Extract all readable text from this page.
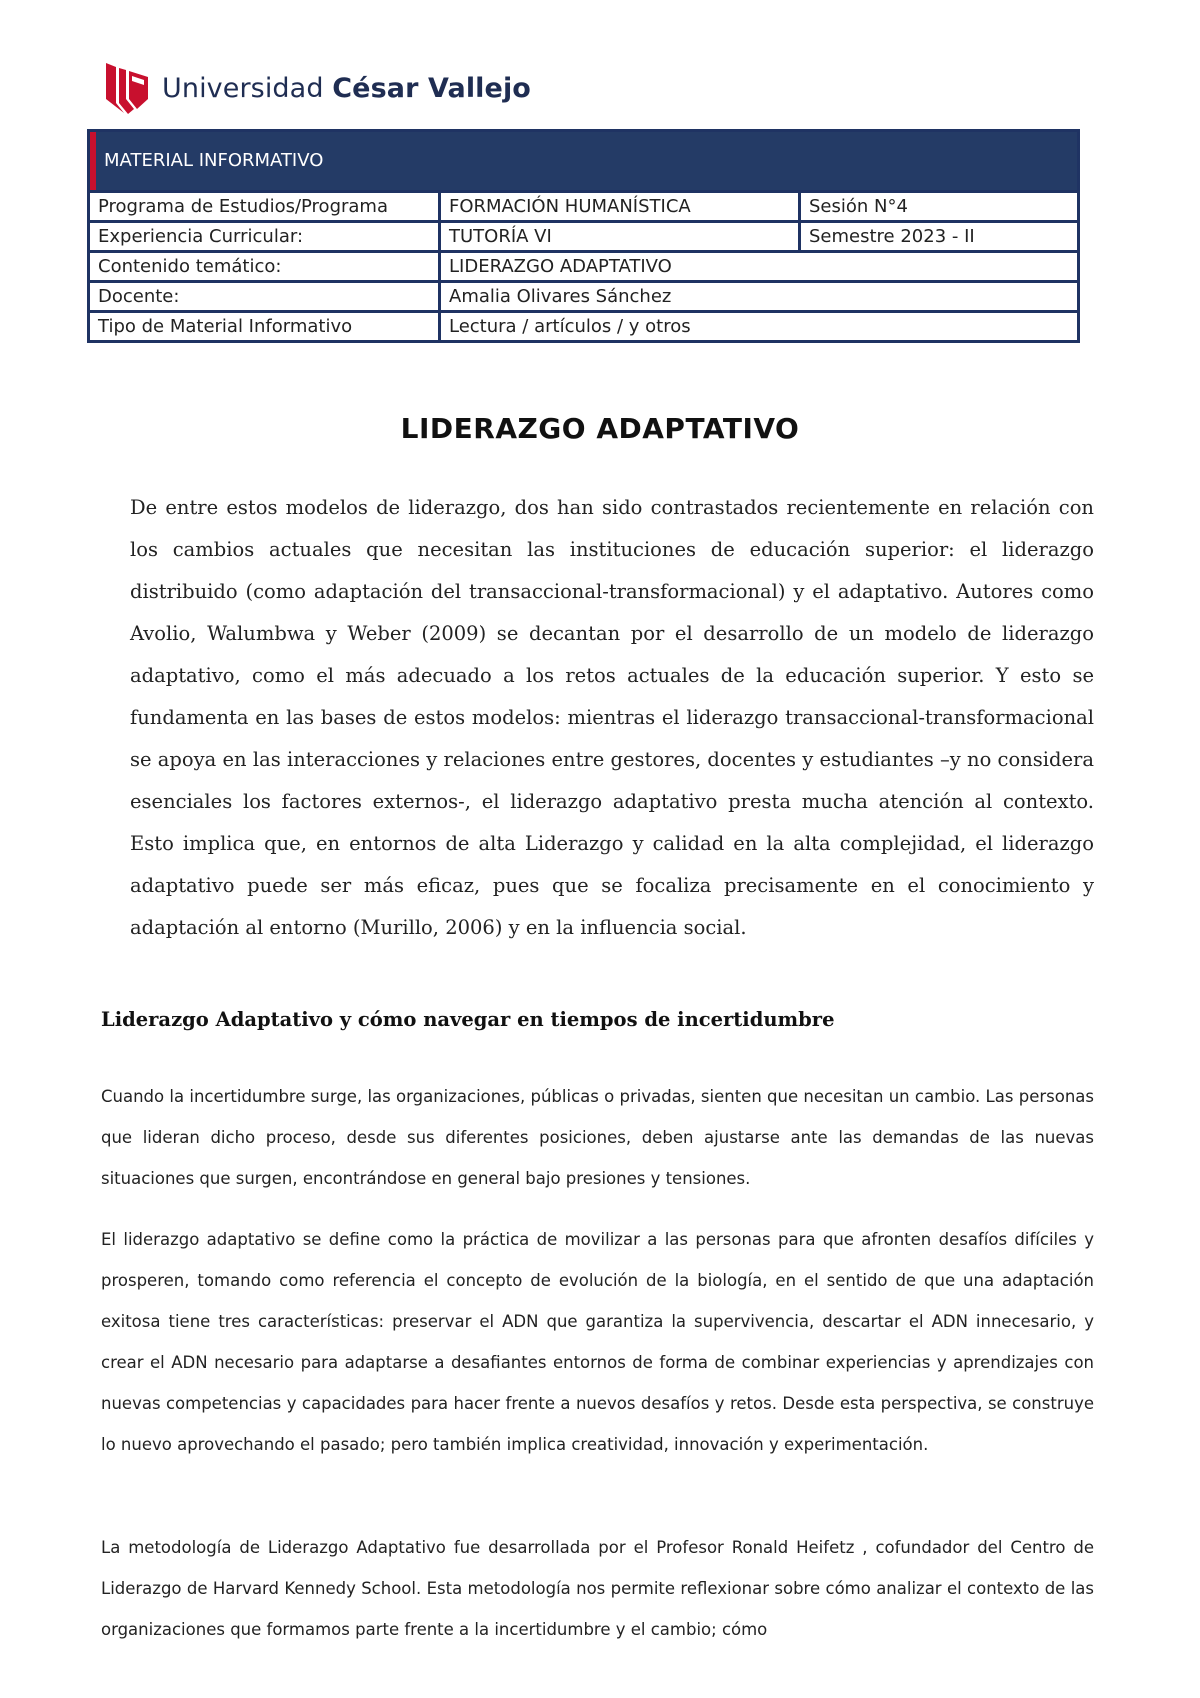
Universidad César Vallejo
MATERIAL INFORMATIVO
Programa de Estudios/Programa	FORMACIÓN HUMANÍSTICA	Sesión N°4
Experiencia Curricular:	TUTORÍA VI	Semestre 2023 - II
Contenido temático:	LIDERAZGO ADAPTATIVO
Docente:	Amalia Olivares Sánchez
Tipo de Material Informativo	Lectura / artículos / y otros
LIDERAZGO ADAPTATIVO

De entre estos modelos de liderazgo, dos han sido contrastados recientemente en relación con los cambios actuales que necesitan las instituciones de educación superior: el liderazgo distribuido (como adaptación del transaccional-transformacional) y el adaptativo. Autores como Avolio, Walumbwa y Weber (2009) se decantan por el desarrollo de un modelo de liderazgo adaptativo, como el más adecuado a los retos actuales de la educación superior. Y esto se fundamenta en las bases de estos modelos: mientras el liderazgo transaccional-transformacional se apoya en las interacciones y relaciones entre gestores, docentes y estudiantes –y no considera esenciales los factores externos-, el liderazgo adaptativo presta mucha atención al contexto. Esto implica que, en entornos de alta Liderazgo y calidad en la alta complejidad, el liderazgo adaptativo puede ser más eficaz, pues que se focaliza precisamente en el conocimiento y adaptación al entorno (Murillo, 2006) y en la influencia social.

Liderazgo Adaptativo y cómo navegar en tiempos de incertidumbre

Cuando la incertidumbre surge, las organizaciones, públicas o privadas, sienten que necesitan un cambio. Las personas que lideran dicho proceso, desde sus diferentes posiciones, deben ajustarse ante las demandas de las nuevas situaciones que surgen, encontrándose en general bajo presiones y tensiones.

El liderazgo adaptativo se define como la práctica de movilizar a las personas para que afronten desafíos difíciles y prosperen, tomando como referencia el concepto de evolución de la biología, en el sentido de que una adaptación exitosa tiene tres características: preservar el ADN que garantiza la supervivencia, descartar el ADN innecesario, y crear el ADN necesario para adaptarse a desafiantes entornos de forma de combinar experiencias y aprendizajes con nuevas competencias y capacidades para hacer frente a nuevos desafíos y retos. Desde esta perspectiva, se construye lo nuevo aprovechando el pasado; pero también implica creatividad, innovación y experimentación.

La metodología de Liderazgo Adaptativo fue desarrollada por el Profesor Ronald Heifetz , cofundador del Centro de Liderazgo de Harvard Kennedy School. Esta metodología nos permite reflexionar sobre cómo analizar el contexto de las organizaciones que formamos parte frente a la incertidumbre y el cambio; cómo
